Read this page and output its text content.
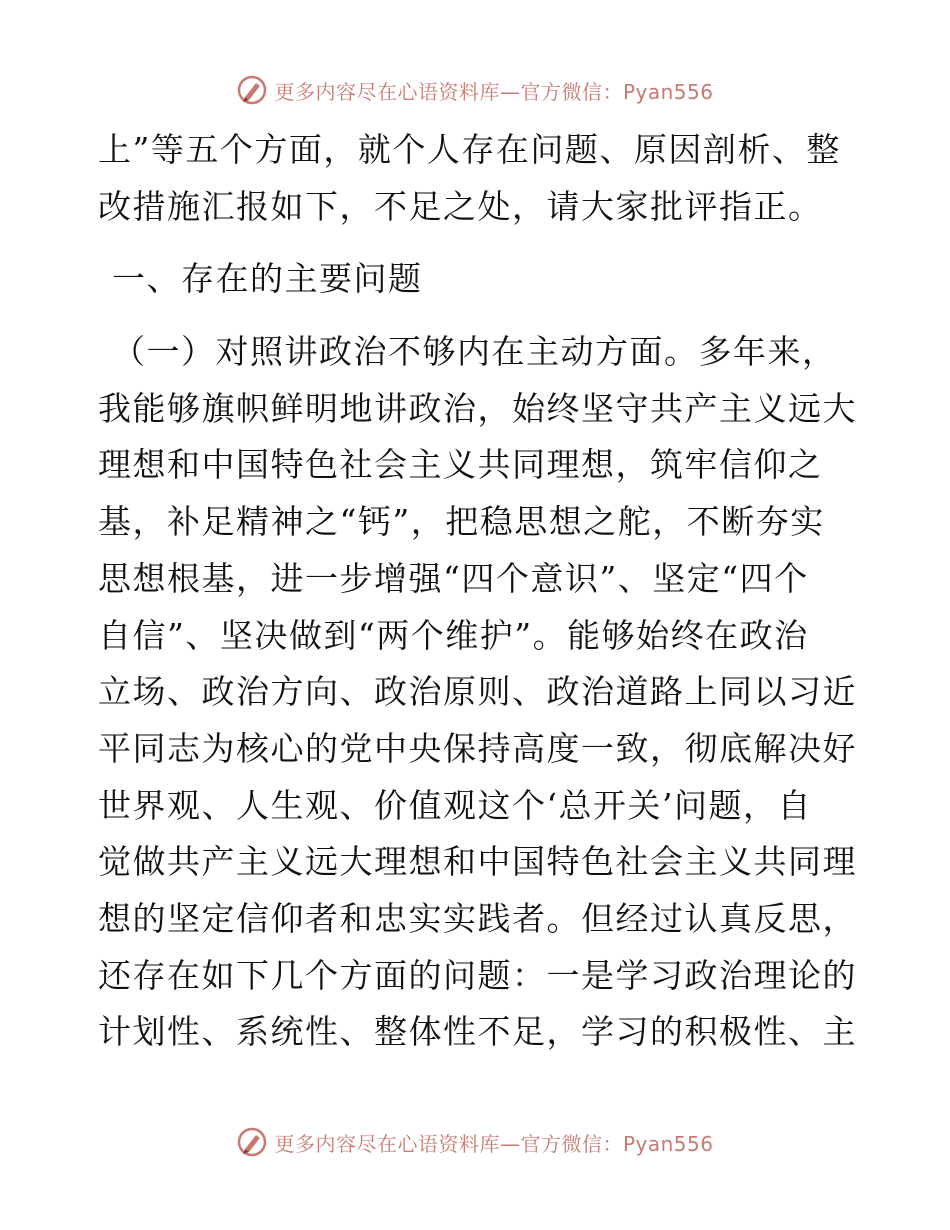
更多内容尽在心语资料库—官方微信：Pyan556
上”等五个方面，就个人存在问题、原因剖析、整
改措施汇报如下，不足之处，请大家批评指正。
一、存在的主要问题
（一）对照讲政治不够内在主动方面。多年来，
我能够旗帜鲜明地讲政治，始终坚守共产主义远大
理想和中国特色社会主义共同理想，筑牢信仰之
基，补足精神之“钙”，把稳思想之舵，不断夯实
思想根基，进一步增强“四个意识”、坚定“四个
自信”、坚决做到“两个维护”。能够始终在政治
立场、政治方向、政治原则、政治道路上同以习近
平同志为核心的党中央保持高度一致，彻底解决好
世界观、人生观、价值观这个‘总开关’问题，自
觉做共产主义远大理想和中国特色社会主义共同理
想的坚定信仰者和忠实实践者。但经过认真反思，
还存在如下几个方面的问题：一是学习政治理论的
计划性、系统性、整体性不足，学习的积极性、主
更多内容尽在心语资料库—官方微信：Pyan556
